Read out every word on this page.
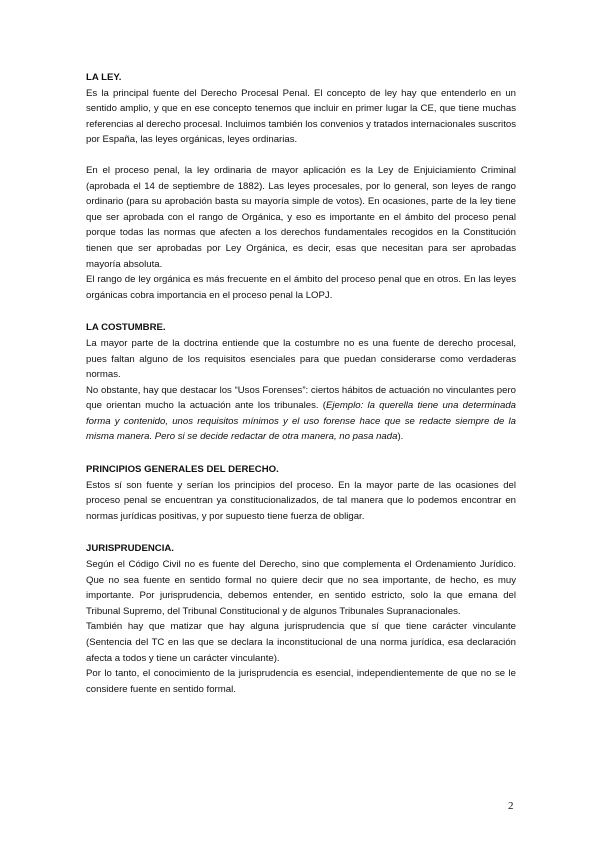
LA LEY.

Es la principal fuente del Derecho Procesal Penal. El concepto de ley hay que entenderlo en un sentido amplio, y que en ese concepto tenemos que incluir en primer lugar la CE, que tiene muchas referencias al derecho procesal. Incluimos también los convenios y tratados internacionales suscritos por España, las leyes orgánicas, leyes ordinarias.

En el proceso penal, la ley ordinaria de mayor aplicación es la Ley de Enjuiciamiento Criminal (aprobada el 14 de septiembre de 1882). Las leyes procesales, por lo general, son leyes de rango ordinario (para su aprobación basta su mayoría simple de votos). En ocasiones, parte de la ley tiene que ser aprobada con el rango de Orgánica, y eso es importante en el ámbito del proceso penal porque todas las normas que afecten a los derechos fundamentales recogidos en la Constitución tienen que ser aprobadas por Ley Orgánica, es decir, esas que necesitan para ser aprobadas mayoría absoluta.

El rango de ley orgánica es más frecuente en el ámbito del proceso penal que en otros. En las leyes orgánicas cobra importancia en el proceso penal la LOPJ.

LA COSTUMBRE.

La mayor parte de la doctrina entiende que la costumbre no es una fuente de derecho procesal, pues faltan alguno de los requisitos esenciales para que puedan considerarse como verdaderas normas.

No obstante, hay que destacar los “Usos Forenses”: ciertos hábitos de actuación no vinculantes pero que orientan mucho la actuación ante los tribunales. (Ejemplo: la querella tiene una determinada forma y contenido, unos requisitos mínimos y el uso forense hace que se redacte siempre de la misma manera. Pero si se decide redactar de otra manera, no pasa nada).

PRINCIPIOS GENERALES DEL DERECHO.

Estos sí son fuente y serían los principios del proceso. En la mayor parte de las ocasiones del proceso penal se encuentran ya constitucionalizados, de tal manera que lo podemos encontrar en normas jurídicas positivas, y por supuesto tiene fuerza de obligar.

JURISPRUDENCIA.

Según el Código Civil no es fuente del Derecho, sino que complementa el Ordenamiento Jurídico. Que no sea fuente en sentido formal no quiere decir que no sea importante, de hecho, es muy importante. Por jurisprudencia, debemos entender, en sentido estricto, solo la que emana del Tribunal Supremo, del Tribunal Constitucional y de algunos Tribunales Supranacionales.

También hay que matizar que hay alguna jurisprudencia que sí que tiene carácter vinculante (Sentencia del TC en las que se declara la inconstitucional de una norma jurídica, esa declaración afecta a todos y tiene un carácter vinculante).

Por lo tanto, el conocimiento de la jurisprudencia es esencial, independientemente de que no se le considere fuente en sentido formal.

2
